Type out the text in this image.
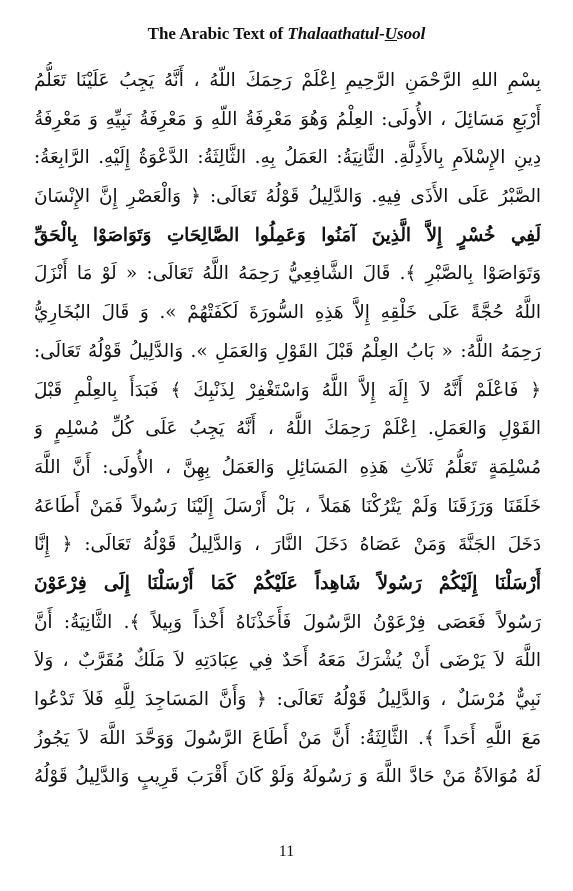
The Arabic Text of Thalaathatul-Usool
بِسْمِ اللهِ الرَّحْمَنِ الرَّحِيمِ اِعْلَمْ رَحِمَكَ اللّهُ ، أَنَّهُ يَجِبُ عَلَيْنَا تَعَلُّمُ
أَرْبَعِ مَسَائِلَ ، الأُولَى: العِلْمُ وَهُوَ مَعْرِفَةُ اللّهِ وَ مَعْرِفَةُ نَبِيِّهِ وَ مَعْرِفَةُ
دِينِ الإِسْلاَمِ بِالأَدِلَّةِ. الثَّانِيَةُ: العَمَلُ بِهِ. الثَّالِثَةُ: الدَّعْوَةُ إِلَيْهِ. الرَّابِعَةُ:
الصَّبْرُ عَلَى الأَذَى فِيهِ. وَالدَّلِيلُ قَوْلُهُ تَعَالَى: ﴿ وَالْعَصْرِ إِنَّ الإِنْسَانَ
لَفِي خُسْرٍ إِلاَّ الَّذِينَ آمَنُوا وَعَمِلُوا الصَّالِحَاتِ وَتَوَاصَوْا بِالْحَقِّ
وَتَوَاصَوْا بِالصَّبْرِ ﴾. قَالَ الشَّافِعِيُّ رَحِمَهُ اللَّهُ تَعَالَى: « لَوْ مَا أَنْزَلَ
اللَّهُ حُجَّةً عَلَى خَلْقِهِ إِلاَّ هَذِهِ السُّورَةَ لَكَفَتْهُمْ ». وَ قَالَ البُخَارِيُّ
رَحِمَهُ اللَّهُ: « بَابُ العِلْمُ قَبْلَ القَوْلِ وَالعَمَلِ ». وَالدَّلِيلُ قَوْلُهُ تَعَالَى:
﴿ فَاعْلَمْ أَنَّهُ لاَ إِلَهَ إِلاَّ اللَّهُ وَاسْتَغْفِرْ لِذَنْبِكَ ﴾ فَبَدَأَ بِالعِلْمِ قَبْلَ
القَوْلِ وَالعَمَلِ. اِعْلَمْ رَحِمَكَ اللَّهُ ، أَنَّهُ يَجِبُ عَلَى كُلِّ مُسْلِمٍ وَ
مُسْلِمَةٍ تَعَلُّمُ ثَلاَثِ هَذِهِ المَسَائِلِ وَالعَمَلُ بِهِنَّ ، الأُولَى: أَنَّ اللَّهَ
خَلَقَنَا وَرَزَقَنَا وَلَمْ يَتْرُكْنَا هَمَلاً ، بَلْ أَرْسَلَ إِلَيْنَا رَسُولاً فَمَنْ أَطَاعَهُ
دَخَلَ الجَنَّةَ وَمَنْ عَصَاهُ دَخَلَ النَّارَ ، وَالدَّلِيلُ قَوْلُهُ تَعَالَى: ﴿ إِنَّا
أَرْسَلْنَا إِلَيْكُمْ رَسُولاً شَاهِداً عَلَيْكُمْ كَمَا أَرْسَلْنَا إِلَى فِرْعَوْنَ
رَسُولاً فَعَصَى فِرْعَوْنُ الرَّسُولَ فَأَخَذْنَاهُ أَخْذاً وَبِيلاً ﴾. الثَّانِيَةُ: أَنَّ
اللَّهَ لاَ يَرْضَى أَنْ يُشْرَكَ مَعَهُ أَحَدٌ فِي عِبَادَتِهِ لاَ مَلَكٌ مُقَرَّبٌ ، وَلاَ
نَبِيٌّ مُرْسَلٌ ، وَالدَّلِيلُ قَوْلُهُ تَعَالَى: ﴿ وَأَنَّ المَسَاجِدَ لِلَّهِ فَلاَ تَدْعُوا
مَعَ اللَّهِ أَحَداً ﴾. الثَّالِثَةُ: أَنَّ مَنْ أَطَاعَ الرَّسُولَ وَوَحَّدَ اللَّهَ لاَ يَجُوزُ
لَهُ مُوَالاَةُ مَنْ حَادَّ اللَّهَ وَ رَسُولَهُ وَلَوْ كَانَ أَقْرَبَ قَرِيبٍ وَالدَّلِيلُ قَوْلُهُ
11
